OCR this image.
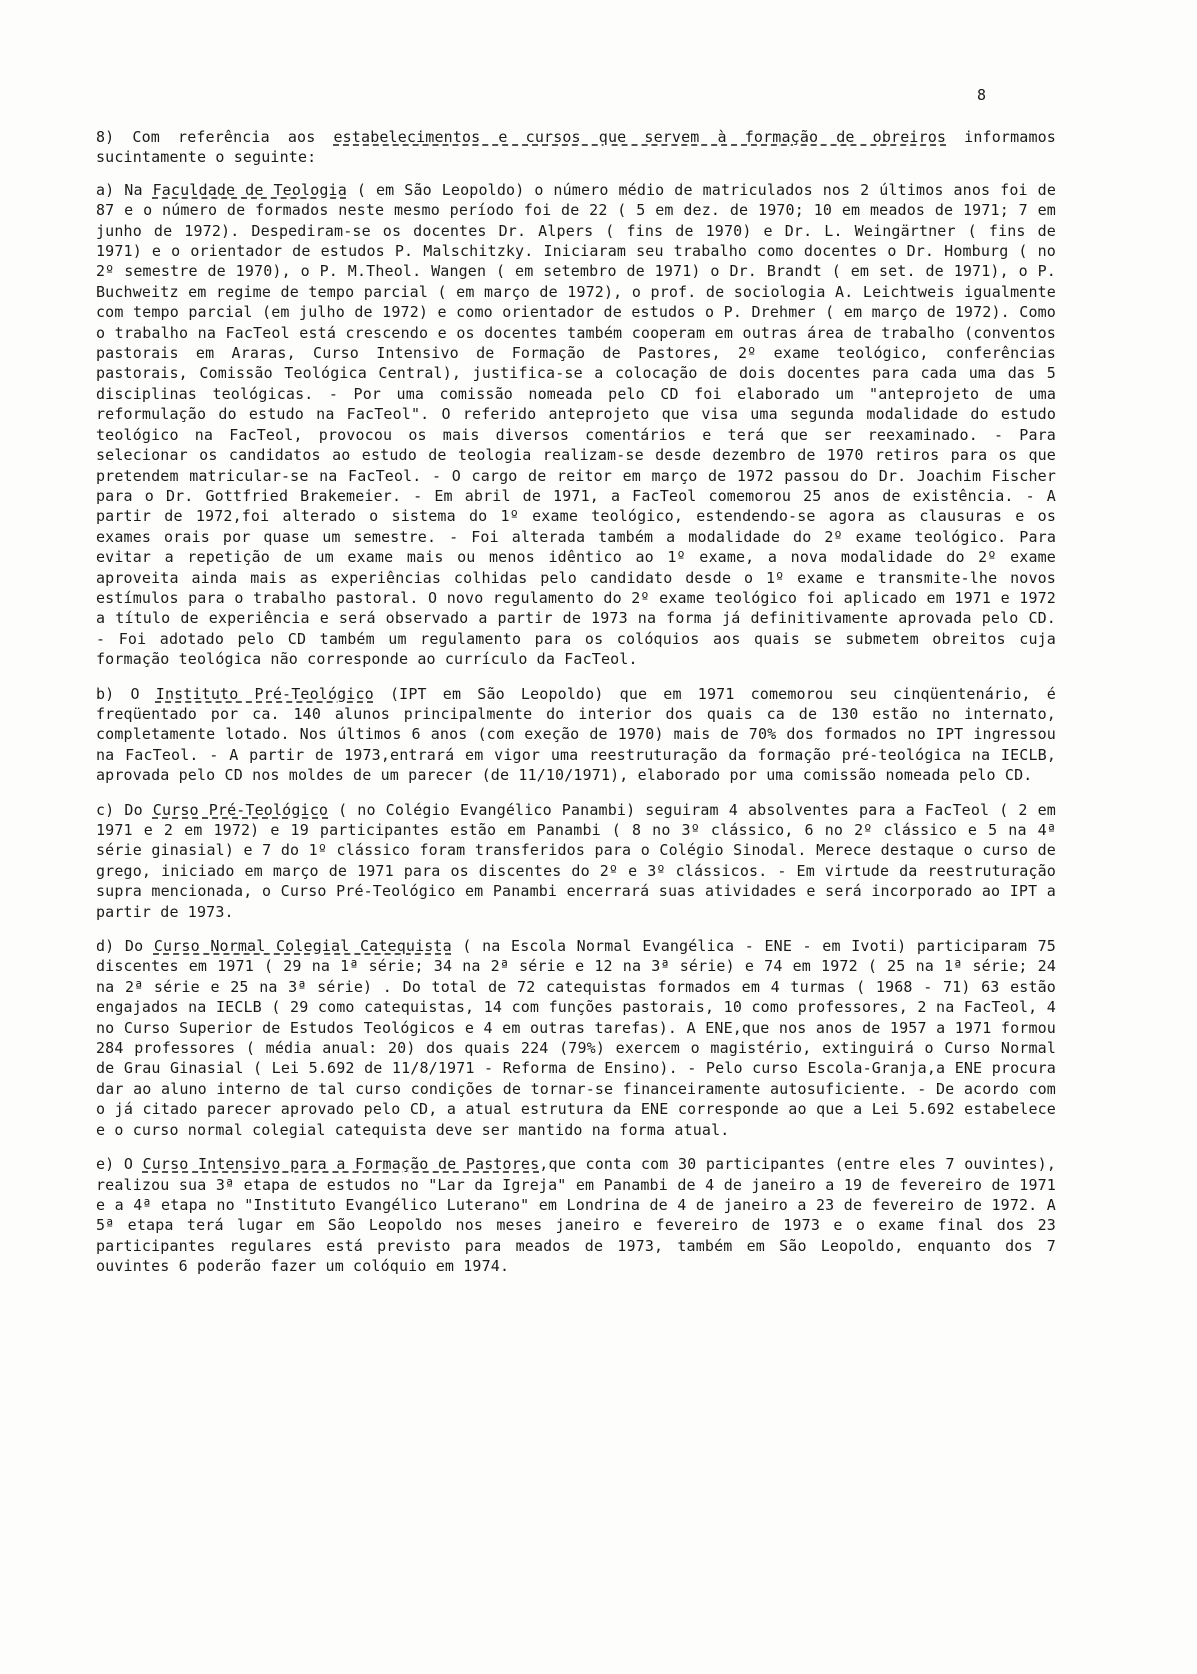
8

8) Com referência aos estabelecimentos e cursos que servem à formação de obreiros informamos sucintamente o seguinte:

a) Na Faculdade de Teologia ( em São Leopoldo) o número médio de matriculados nos 2 últimos anos foi de 87 e o número de formados neste mesmo período foi de 22 ( 5 em dez. de 1970; 10 em meados de 1971; 7 em junho de 1972). Despediram-se os docentes Dr. Alpers ( fins de 1970) e Dr. L. Weingärtner ( fins de 1971) e o orientador de estudos P. Malschitzky. Iniciaram seu trabalho como docentes o Dr. Homburg ( no 2º semestre de 1970), o P. M.Theol. Wangen ( em setembro de 1971) o Dr. Brandt ( em set. de 1971), o P. Buchweitz em regime de tempo parcial ( em março de 1972), o prof. de sociologia A. Leichtweis igualmente com tempo parcial (em julho de 1972) e como orientador de estudos o P. Drehmer ( em março de 1972). Como o trabalho na FacTeol está crescendo e os docentes também cooperam em outras área de trabalho (conventos pastorais em Araras, Curso Intensivo de Formação de Pastores, 2º exame teológico, conferências pastorais, Comissão Teológica Central), justifica-se a colocação de dois docentes para cada uma das 5 disciplinas teológicas. - Por uma comissão nomeada pelo CD foi elaborado um "anteprojeto de uma reformulação do estudo na FacTeol". O referido anteprojeto que visa uma segunda modalidade do estudo teológico na FacTeol, provocou os mais diversos comentários e terá que ser reexaminado. - Para selecionar os candidatos ao estudo de teologia realizam-se desde dezembro de 1970 retiros para os que pretendem matricular-se na FacTeol. - O cargo de reitor em março de 1972 passou do Dr. Joachim Fischer para o Dr. Gottfried Brakemeier. - Em abril de 1971, a FacTeol comemorou 25 anos de existência. - A partir de 1972,foi alterado o sistema do 1º exame teológico, estendendo-se agora as clausuras e os exames orais por quase um semestre. - Foi alterada também a modalidade do 2º exame teológico. Para evitar a repetição de um exame mais ou menos idêntico ao 1º exame, a nova modalidade do 2º exame aproveita ainda mais as experiências colhidas pelo candidato desde o 1º exame e transmite-lhe novos estímulos para o trabalho pastoral. O novo regulamento do 2º exame teológico foi aplicado em 1971 e 1972 a título de experiência e será observado a partir de 1973 na forma já definitivamente aprovada pelo CD. - Foi adotado pelo CD também um regulamento para os colóquios aos quais se submetem obreitos cuja formação teológica não corresponde ao currículo da FacTeol.

b) O Instituto Pré-Teológico (IPT em São Leopoldo) que em 1971 comemorou seu cinqüentenário, é freqüentado por ca. 140 alunos principalmente do interior dos quais ca de 130 estão no internato, completamente lotado. Nos últimos 6 anos (com exeção de 1970) mais de 70% dos formados no IPT ingressou na FacTeol. - A partir de 1973,entrará em vigor uma reestruturação da formação pré-teológica na IECLB, aprovada pelo CD nos moldes de um parecer (de 11/10/1971), elaborado por uma comissão nomeada pelo CD.

c) Do Curso Pré-Teológico ( no Colégio Evangélico Panambi) seguiram 4 absolventes para a FacTeol ( 2 em 1971 e 2 em 1972) e 19 participantes estão em Panambi ( 8 no 3º clássico, 6 no 2º clássico e 5 na 4ª série ginasial) e 7 do 1º clássico foram transferidos para o Colégio Sinodal. Merece destaque o curso de grego, iniciado em março de 1971 para os discentes do 2º e 3º clássicos. - Em virtude da reestruturação supra mencionada, o Curso Pré-Teológico em Panambi encerrará suas atividades e será incorporado ao IPT a partir de 1973.

d) Do Curso Normal Colegial Catequista ( na Escola Normal Evangélica - ENE - em Ivoti) participaram 75 discentes em 1971 ( 29 na 1ª série; 34 na 2ª série e 12 na 3ª série) e 74 em 1972 ( 25 na 1ª série; 24 na 2ª série e 25 na 3ª série) . Do total de 72 catequistas formados em 4 turmas ( 1968 - 71) 63 estão engajados na IECLB ( 29 como catequistas, 14 com funções pastorais, 10 como professores, 2 na FacTeol, 4 no Curso Superior de Estudos Teológicos e 4 em outras tarefas). A ENE,que nos anos de 1957 a 1971 formou 284 professores ( média anual: 20) dos quais 224 (79%) exercem o magistério, extinguirá o Curso Normal de Grau Ginasial ( Lei 5.692 de 11/8/1971 - Reforma de Ensino). - Pelo curso Escola-Granja,a ENE procura dar ao aluno interno de tal curso condições de tornar-se financeiramente autosuficiente. - De acordo com o já citado parecer aprovado pelo CD, a atual estrutura da ENE corresponde ao que a Lei 5.692 estabelece e o curso normal colegial catequista deve ser mantido na forma atual.

e) O Curso Intensivo para a Formação de Pastores,que conta com 30 participantes (entre eles 7 ouvintes), realizou sua 3ª etapa de estudos no "Lar da Igreja" em Panambi de 4 de janeiro a 19 de fevereiro de 1971 e a 4ª etapa no "Instituto Evangélico Luterano" em Londrina de 4 de janeiro a 23 de fevereiro de 1972. A 5ª etapa terá lugar em São Leopoldo nos meses janeiro e fevereiro de 1973 e o exame final dos 23 participantes regulares está previsto para meados de 1973, também em São Leopoldo, enquanto dos 7 ouvintes 6 poderão fazer um colóquio em 1974.
